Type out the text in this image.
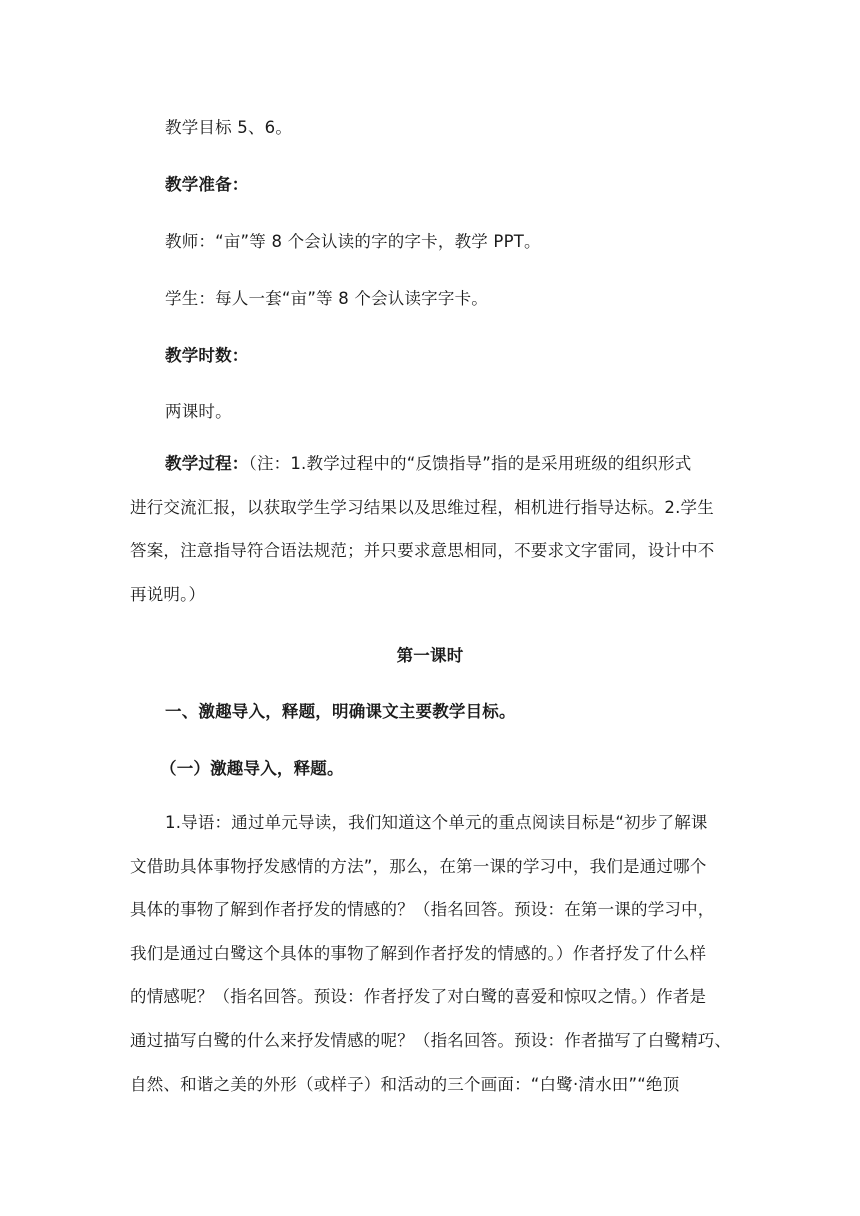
教学目标 5、6。
教学准备：
教师：“亩”等 8 个会认读的字的字卡，教学 PPT。
学生：每人一套“亩”等 8 个会认读字字卡。
教学时数：
两课时。
教学过程：（注：1.教学过程中的“反馈指导”指的是采用班级的组织形式
进行交流汇报，以获取学生学习结果以及思维过程，相机进行指导达标。2.学生
答案，注意指导符合语法规范；并只要求意思相同，不要求文字雷同，设计中不
再说明。）
第一课时
一、激趣导入，释题，明确课文主要教学目标。
（一）激趣导入，释题。
1.导语：通过单元导读，我们知道这个单元的重点阅读目标是“初步了解课
文借助具体事物抒发感情的方法”，那么，在第一课的学习中，我们是通过哪个
具体的事物了解到作者抒发的情感的？（指名回答。预设：在第一课的学习中，
我们是通过白鹭这个具体的事物了解到作者抒发的情感的。）作者抒发了什么样
的情感呢？（指名回答。预设：作者抒发了对白鹭的喜爱和惊叹之情。）作者是
通过描写白鹭的什么来抒发情感的呢？（指名回答。预设：作者描写了白鹭精巧、
自然、和谐之美的外形（或样子）和活动的三个画面：“白鹭·清水田”“绝顶
